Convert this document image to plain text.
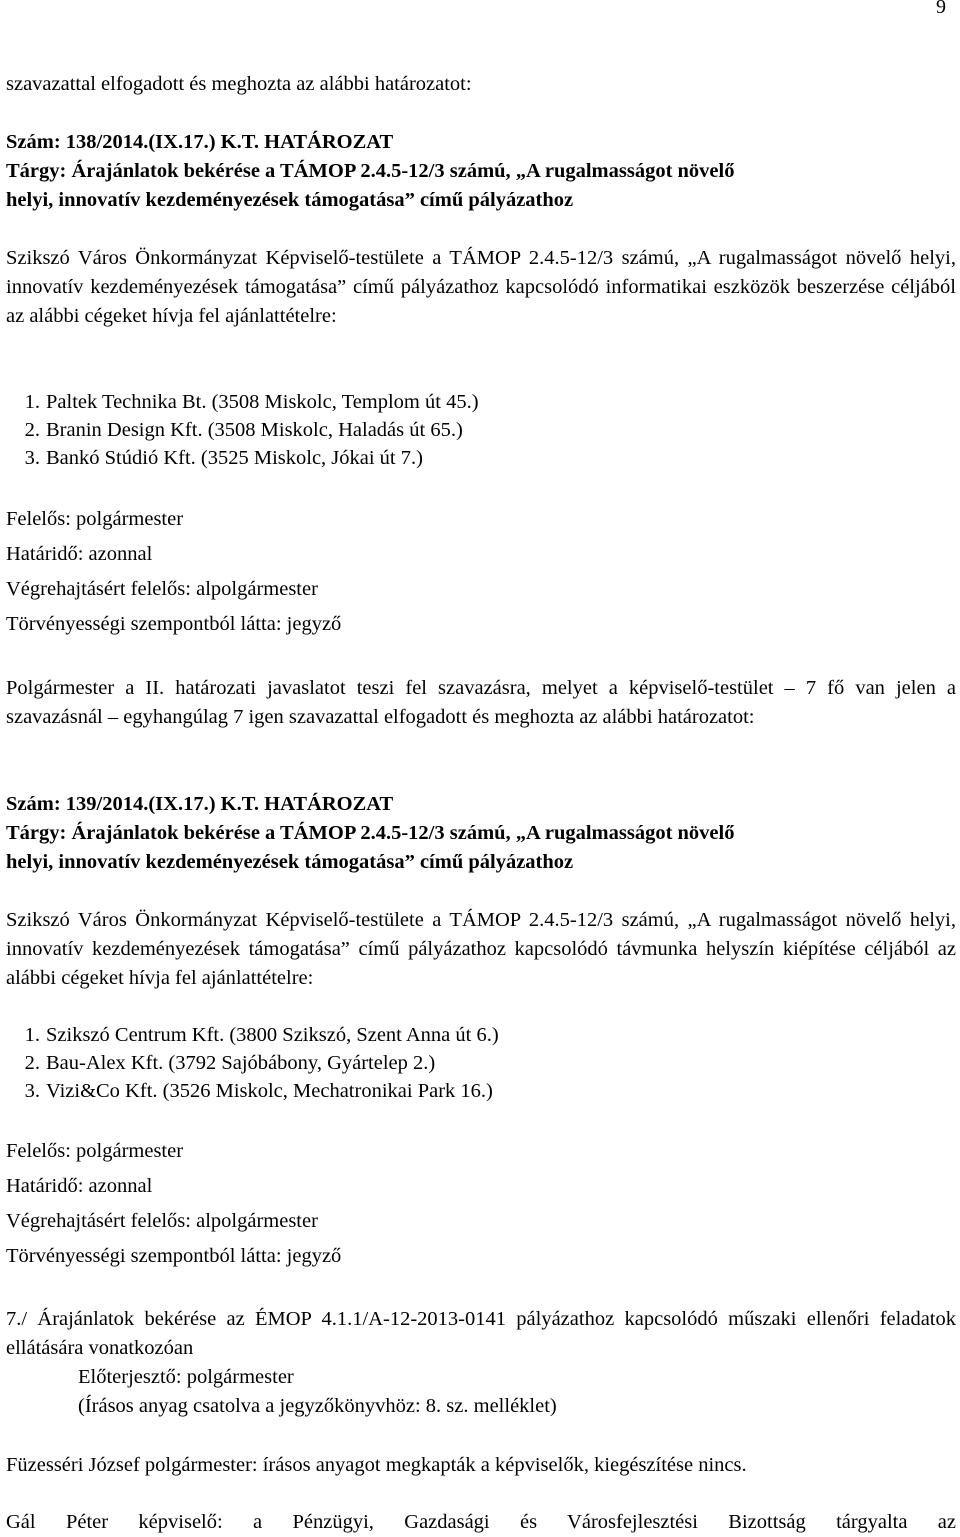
9

szavazattal elfogadott és meghozta az alábbi határozatot:

Szám: 138/2014.(IX.17.) K.T. HATÁROZAT

Tárgy: Árajánlatok bekérése a TÁMOP 2.4.5-12/3 számú, „A rugalmasságot növelő

helyi, innovatív kezdeményezések támogatása” című pályázathoz

Szikszó Város Önkormányzat Képviselő-testülete a TÁMOP 2.4.5-12/3 számú, „A rugalmasságot növelő helyi, innovatív kezdeményezések támogatása” című pályázathoz kapcsolódó informatikai eszközök beszerzése céljából az alábbi cégeket hívja fel ajánlattételre:

1. Paltek Technika Bt. (3508 Miskolc, Templom út 45.)
2. Branin Design Kft. (3508 Miskolc, Haladás út 65.)
3. Bankó Stúdió Kft. (3525 Miskolc, Jókai út 7.)

Felelős: polgármester

Határidő: azonnal

Végrehajtásért felelős: alpolgármester

Törvényességi szempontból látta: jegyző

Polgármester a II. határozati javaslatot teszi fel szavazásra, melyet a képviselő-testület – 7 fő van jelen a szavazásnál – egyhangúlag 7 igen szavazattal elfogadott és meghozta az alábbi határozatot:

Szám: 139/2014.(IX.17.) K.T. HATÁROZAT

Tárgy: Árajánlatok bekérése a TÁMOP 2.4.5-12/3 számú, „A rugalmasságot növelő

helyi, innovatív kezdeményezések támogatása” című pályázathoz

Szikszó Város Önkormányzat Képviselő-testülete a TÁMOP 2.4.5-12/3 számú, „A rugalmasságot növelő helyi, innovatív kezdeményezések támogatása” című pályázathoz kapcsolódó távmunka helyszín kiépítése céljából az alábbi cégeket hívja fel ajánlattételre:

1. Szikszó Centrum Kft. (3800 Szikszó, Szent Anna út 6.)
2. Bau-Alex Kft. (3792 Sajóbábony, Gyártelep 2.)
3. Vizi&Co Kft. (3526 Miskolc, Mechatronikai Park 16.)

Felelős: polgármester

Határidő: azonnal

Végrehajtásért felelős: alpolgármester

Törvényességi szempontból látta: jegyző

7./ Árajánlatok bekérése az ÉMOP 4.1.1/A-12-2013-0141 pályázathoz kapcsolódó műszaki ellenőri feladatok ellátására vonatkozóan

Előterjesztő: polgármester

(Írásos anyag csatolva a jegyzőkönyvhöz: 8. sz. melléklet)

Füzesséri József polgármester: írásos anyagot megkapták a képviselők, kiegészítése nincs.

Gál Péter képviselő: a Pénzügyi, Gazdasági és Városfejlesztési Bizottság tárgyalta az
